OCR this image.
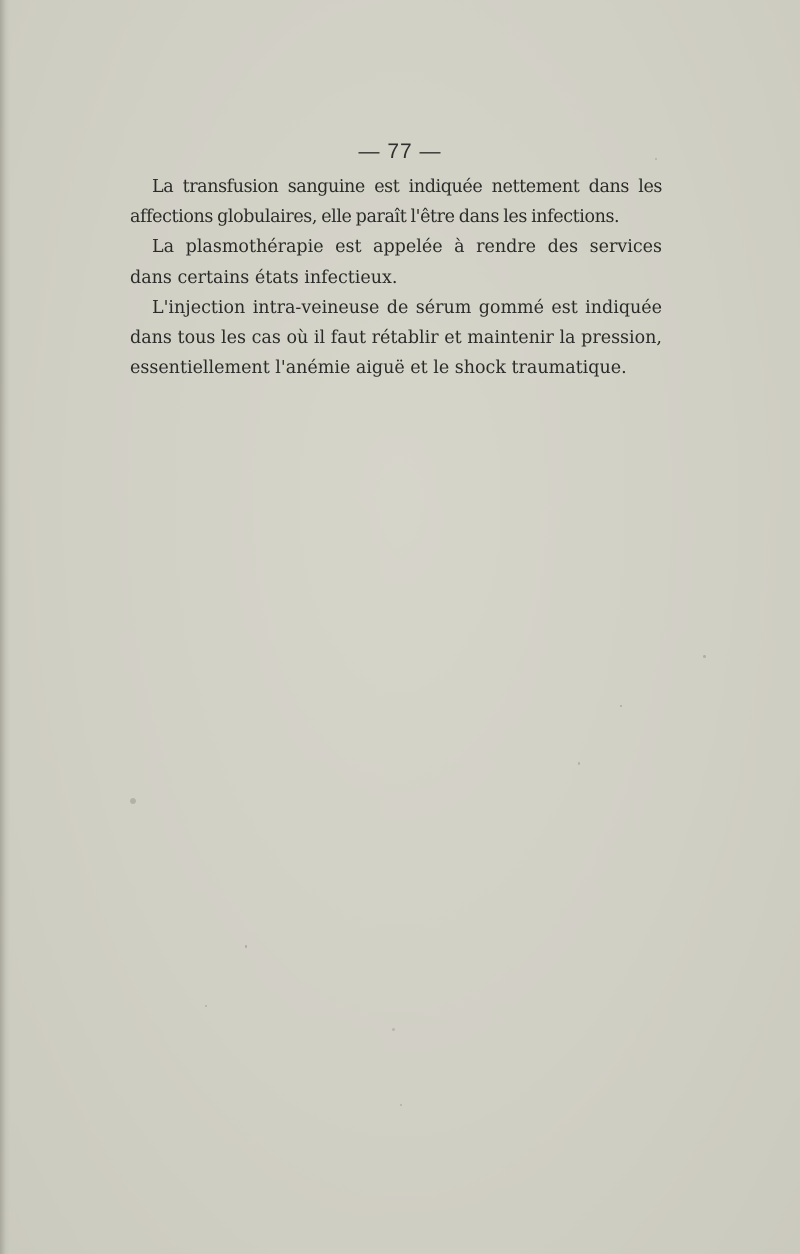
— 77 —

La transfusion sanguine est indiquée nettement dans les affections globulaires, elle paraît l'être dans les infections.

La plasmothérapie est appelée à rendre des services dans certains états infectieux.

L'injection intra-veineuse de sérum gommé est indiquée dans tous les cas où il faut rétablir et maintenir la pression, essentiellement l'anémie aiguë et le shock traumatique.
